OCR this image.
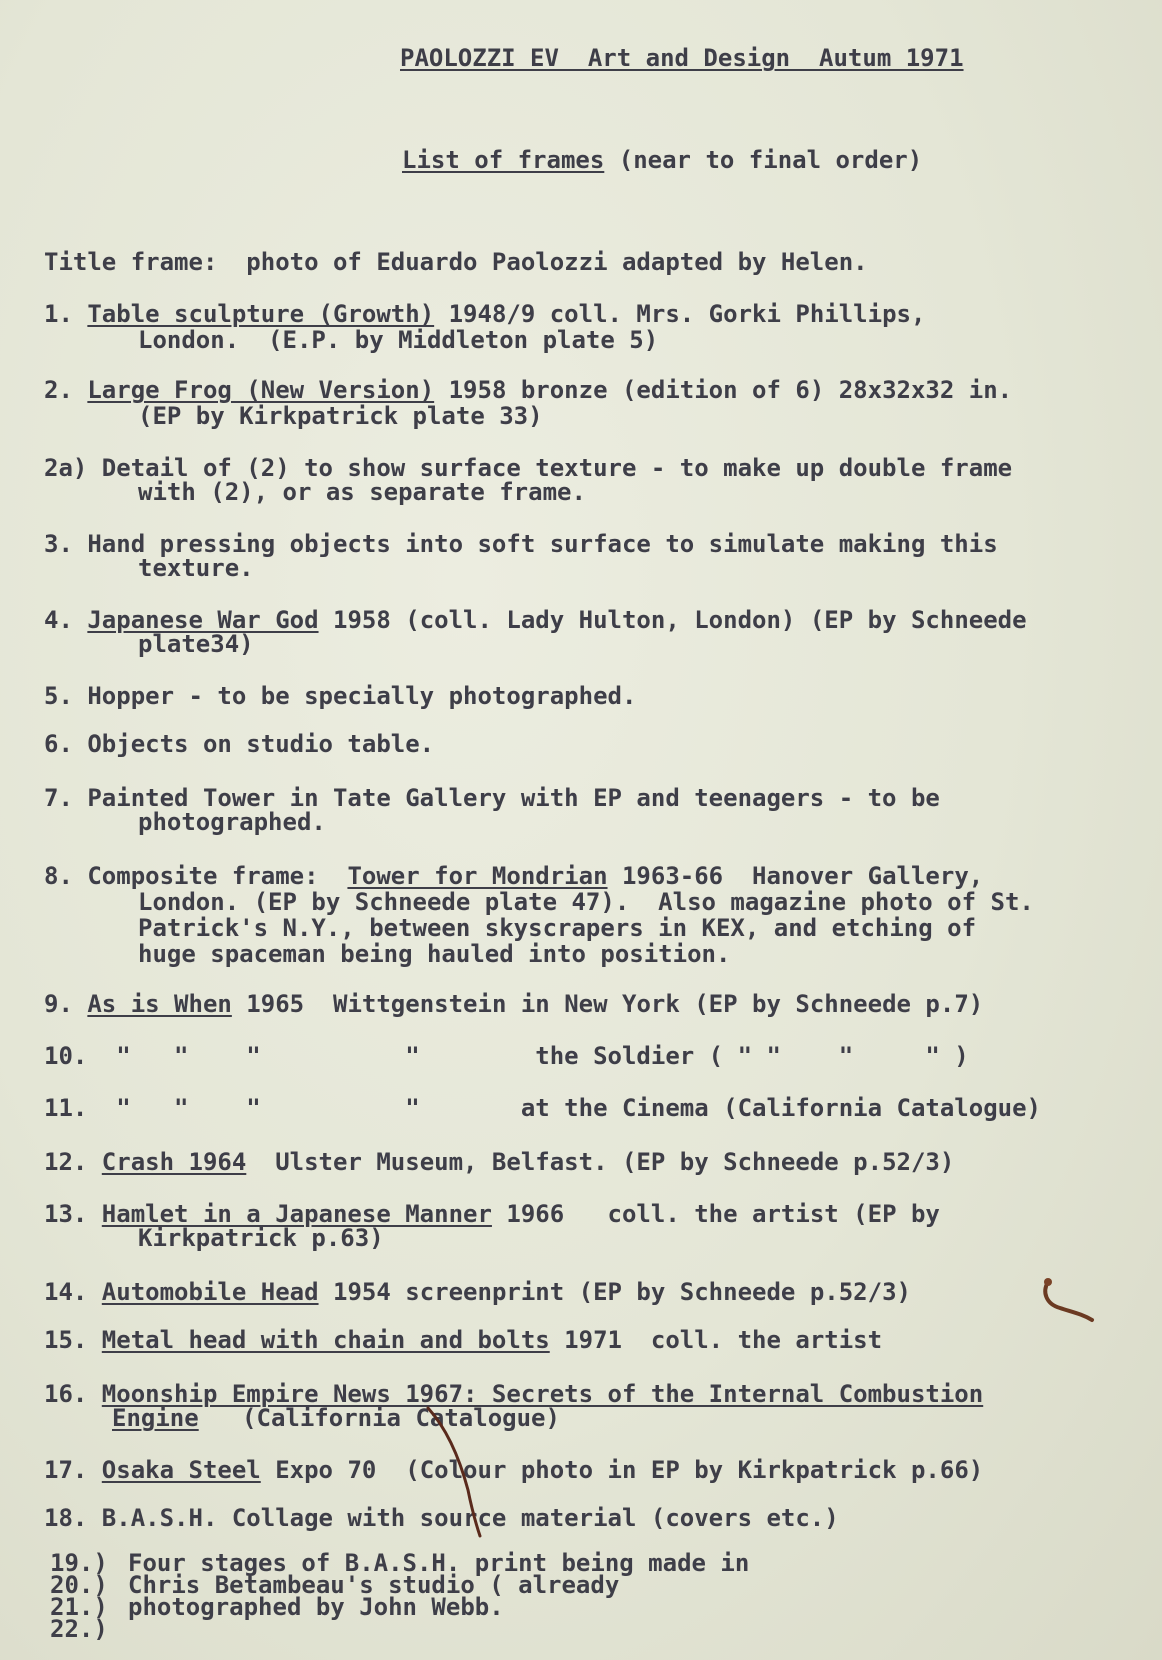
PAOLOZZI EV  Art and Design  Autum 1971
List of frames (near to final order)
Title frame:  photo of Eduardo Paolozzi adapted by Helen.
1. Table sculpture (Growth) 1948/9 coll. Mrs. Gorki Phillips,
London.  (E.P. by Middleton plate 5)
2. Large Frog (New Version) 1958 bronze (edition of 6) 28x32x32 in.
(EP by Kirkpatrick plate 33)
2a) Detail of (2) to show surface texture - to make up double frame
with (2), or as separate frame.
3. Hand pressing objects into soft surface to simulate making this
texture.
4. Japanese War God 1958 (coll. Lady Hulton, London) (EP by Schneede
plate34)
5. Hopper - to be specially photographed.
6. Objects on studio table.
7. Painted Tower in Tate Gallery with EP and teenagers - to be
photographed.
8. Composite frame:  Tower for Mondrian 1963-66  Hanover Gallery,
London. (EP by Schneede plate 47).  Also magazine photo of St.
Patrick's N.Y., between skyscrapers in KEX, and etching of
huge spaceman being hauled into position.
9. As is When 1965  Wittgenstein in New York (EP by Schneede p.7)
10.  "   "    "          "        the Soldier ( " "    "     " )
11.  "   "    "          "       at the Cinema (California Catalogue)
12. Crash 1964  Ulster Museum, Belfast. (EP by Schneede p.52/3)
13. Hamlet in a Japanese Manner 1966   coll. the artist (EP by
Kirkpatrick p.63)
14. Automobile Head 1954 screenprint (EP by Schneede p.52/3)
15. Metal head with chain and bolts 1971  coll. the artist
16. Moonship Empire News 1967: Secrets of the Internal Combustion
Engine   (California Catalogue)
17. Osaka Steel Expo 70  (Colour photo in EP by Kirkpatrick p.66)
18. B.A.S.H. Collage with source material (covers etc.)
19.)
20.)
21.)
22.)
Four stages of B.A.S.H. print being made in
Chris Betambeau's studio ( already
photographed by John Webb.
